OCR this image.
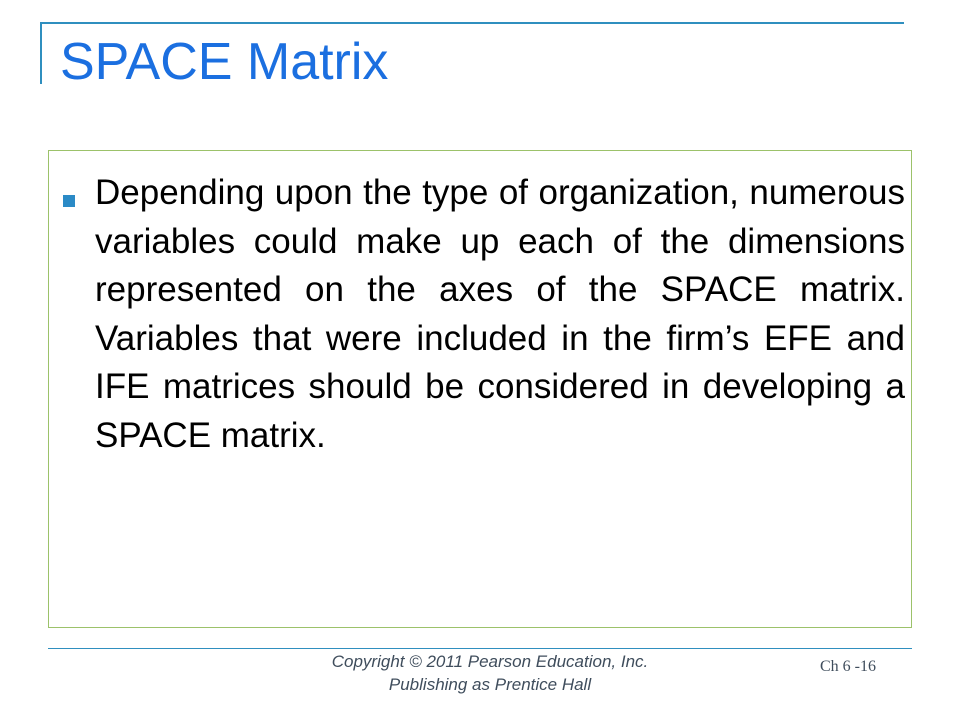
SPACE Matrix

Depending upon the type of organization, numerous variables could make up each of the dimensions represented on the axes of the SPACE matrix. Variables that were included in the firm’s EFE and IFE matrices should be considered in developing a SPACE matrix.

Copyright © 2011 Pearson Education, Inc.
Publishing as Prentice Hall
Ch 6 -16
